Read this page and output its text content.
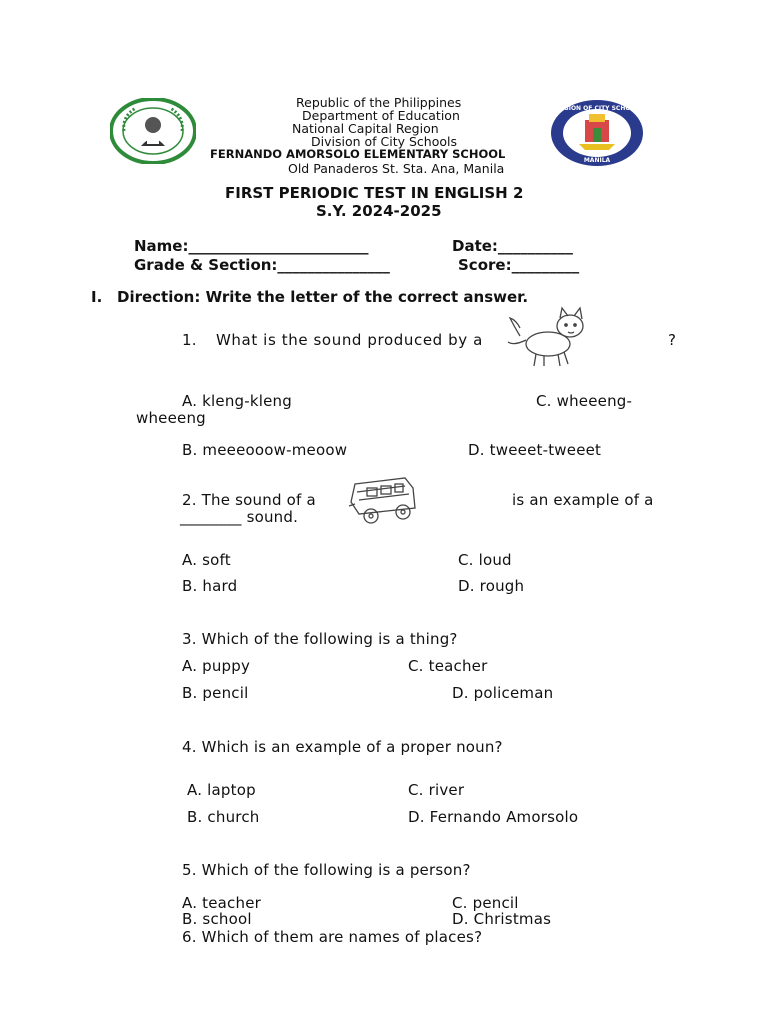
DIVISION OF CITY SCHOOLS
MANILA
Republic of the Philippines
Department of Education
National Capital Region
Division of City Schools
FERNANDO AMORSOLO ELEMENTARY SCHOOL
Old Panaderos St. Sta. Ana, Manila
FIRST PERIODIC TEST IN ENGLISH 2
S.Y. 2024-2025
Name:________________________	Date:__________
Grade & Section:_______________	Score:_________
I. Direction: Write the letter of the correct answer.
1. What is the sound produced by a	?
A. kleng-kleng	C. wheeeng-
wheeeng
B. meeeooow-meoow	D. tweeet-tweeet
2. The sound of a	is an example of a
________ sound.
A. soft	C. loud
B. hard	D. rough
3. Which of the following is a thing?
A. puppy	C. teacher
B. pencil	D. policeman
4. Which is an example of a proper noun?
A. laptop	C. river
B. church	D. Fernando Amorsolo
5. Which of the following is a person?
A. teacher	C. pencil
B. school	D. Christmas
6. Which of them are names of places?
